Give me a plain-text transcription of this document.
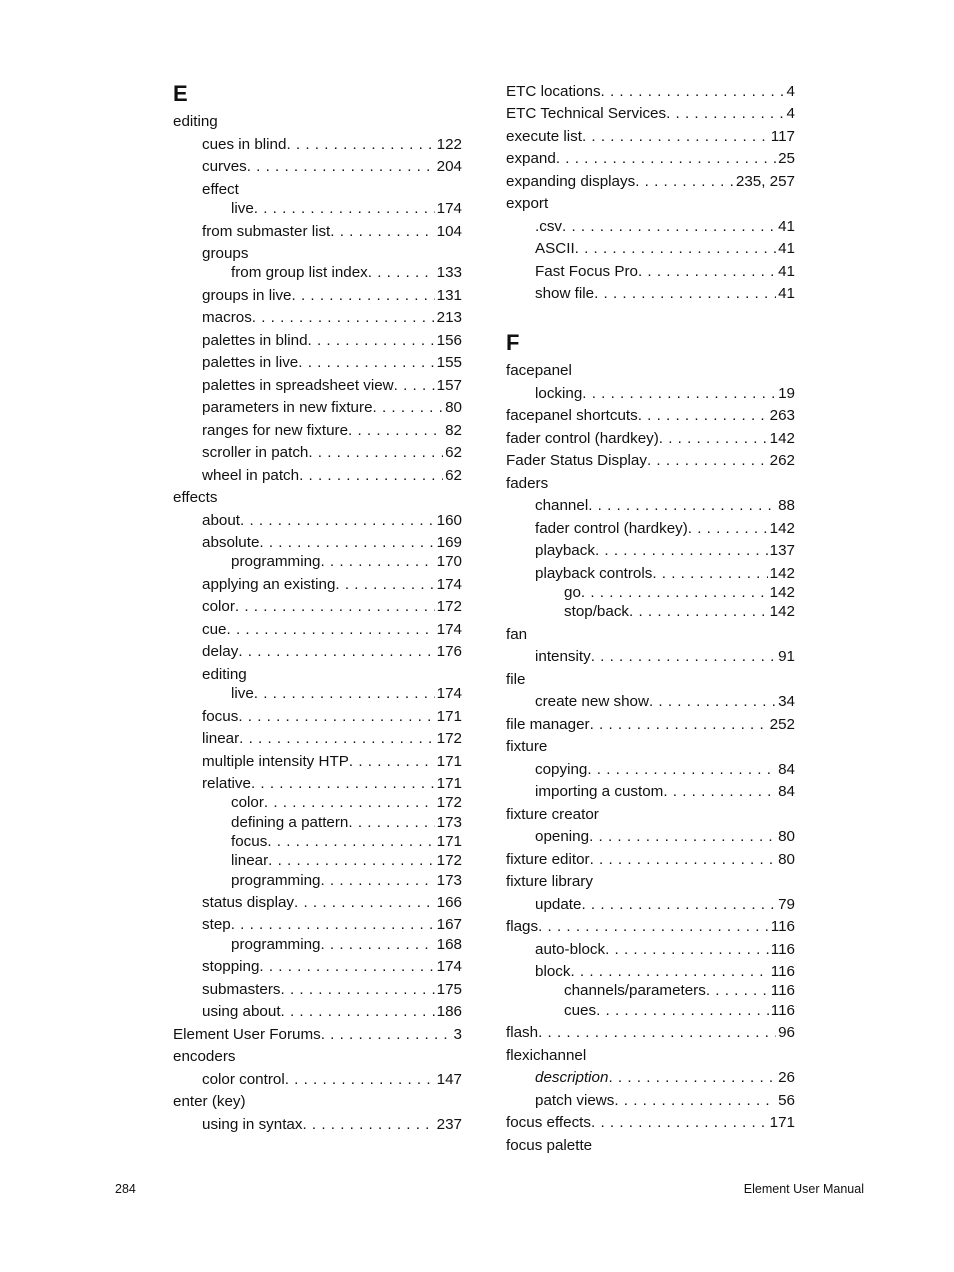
E
editing
cues in blind . . .	122
curves . . .	204
effect
live . . .	174
from submaster list . . .	104
groups
from group list index . . .	133
groups in live . . .	131
macros . . .	213
palettes in blind . . .	156
palettes in live . . .	155
palettes in spreadsheet view . . .	157
parameters in new fixture . . .	80
ranges for new fixture . . .	82
scroller in patch . . .	62
wheel in patch . . .	62
effects
about . . .	160
absolute . . .	169
programming . . .	170
applying an existing . . .	174
color . . .	172
cue . . .	174
delay . . .	176
editing
live . . .	174
focus . . .	171
linear . . .	172
multiple intensity HTP . . .	171
relative . . .	171
color . . .	172
defining a pattern . . .	173
focus . . .	171
linear . . .	172
programming . . .	173
status display . . .	166
step . . .	167
programming . . .	168
stopping . . .	174
submasters . . .	175
using about . . .	186
Element User Forums . . .	3
encoders
color control . . .	147
enter (key)
using in syntax . . .	237
ETC locations . . .	4
ETC Technical Services . . .	4
execute list . . .	117
expand . . .	25
expanding displays . . .	235, 257
export
.csv . . .	41
ASCII . . .	41
Fast Focus Pro . . .	41
show file . . .	41
F
facepanel
locking . . .	19
facepanel shortcuts . . .	263
fader control (hardkey) . . .	142
Fader Status Display . . .	262
faders
channel . . .	88
fader control (hardkey) . . .	142
playback . . .	137
playback controls . . .	142
go . . .	142
stop/back . . .	142
fan
intensity . . .	91
file
create new show . . .	34
file manager . . .	252
fixture
copying . . .	84
importing a custom . . .	84
fixture creator
opening . . .	80
fixture editor . . .	80
fixture library
update . . .	79
flags . . .	116
auto-block . . .	116
block . . .	116
channels/parameters . . .	116
cues . . .	116
flash . . .	96
flexichannel
description . . .	26
patch views . . .	56
focus effects . . .	171
focus palette
284	Element User Manual
